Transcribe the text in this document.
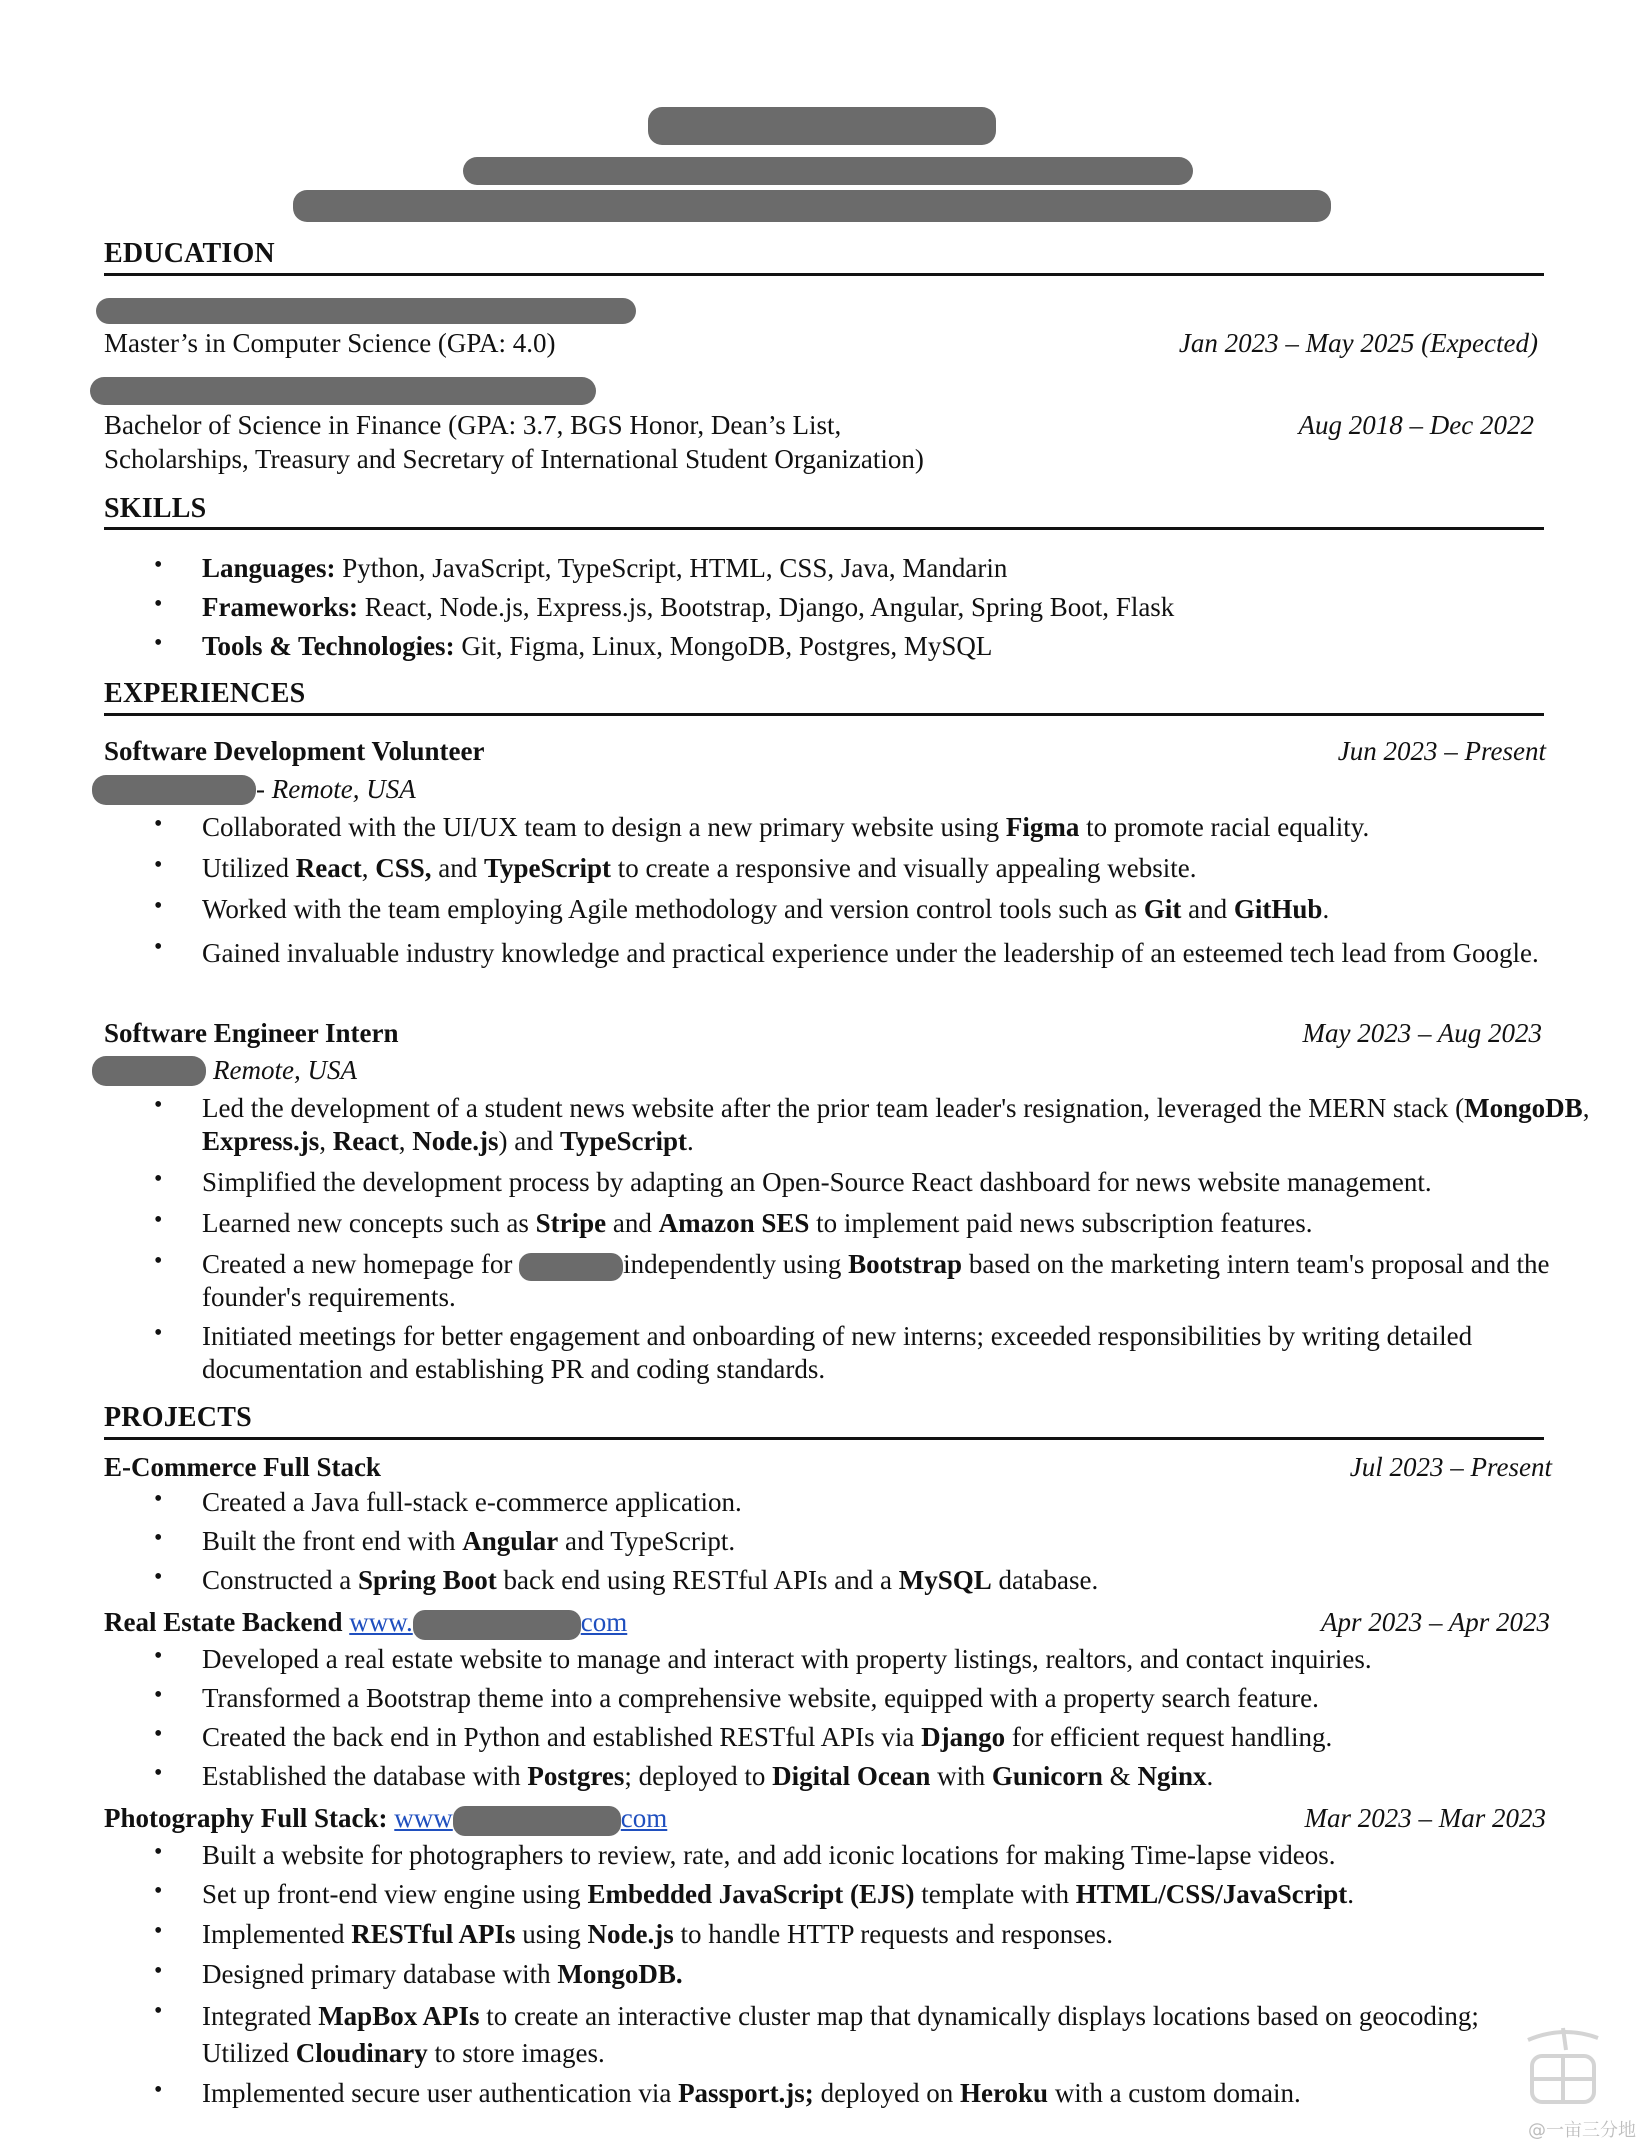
EDUCATION
Master’s in Computer Science (GPA: 4.0)	Jan 2023 – May 2025 (Expected)
Bachelor of Science in Finance (GPA: 3.7, BGS Honor, Dean’s List,	Aug 2018 – Dec 2022
Scholarships, Treasury and Secretary of International Student Organization)
SKILLS
• Languages: Python, JavaScript, TypeScript, HTML, CSS, Java, Mandarin
• Frameworks: React, Node.js, Express.js, Bootstrap, Django, Angular, Spring Boot, Flask
• Tools & Technologies: Git, Figma, Linux, MongoDB, Postgres, MySQL
EXPERIENCES
Software Development Volunteer	Jun 2023 – Present
- Remote, USA
• Collaborated with the UI/UX team to design a new primary website using Figma to promote racial equality.
• Utilized React, CSS, and TypeScript to create a responsive and visually appealing website.
• Worked with the team employing Agile methodology and version control tools such as Git and GitHub.
• Gained invaluable industry knowledge and practical experience under the leadership of an esteemed tech lead from Google.
Software Engineer Intern	May 2023 – Aug 2023
Remote, USA
• Led the development of a student news website after the prior team leader's resignation, leveraged the MERN stack (MongoDB, Express.js, React, Node.js) and TypeScript.
• Simplified the development process by adapting an Open-Source React dashboard for news website management.
• Learned new concepts such as Stripe and Amazon SES to implement paid news subscription features.
• Created a new homepage for	independently using Bootstrap based on the marketing intern team's proposal and the founder's requirements.
• Initiated meetings for better engagement and onboarding of new interns; exceeded responsibilities by writing detailed documentation and establishing PR and coding standards.
PROJECTS
E-Commerce Full Stack	Jul 2023 – Present
• Created a Java full-stack e-commerce application.
• Built the front end with Angular and TypeScript.
• Constructed a Spring Boot back end using RESTful APIs and a MySQL database.
Real Estate Backend www.	com	Apr 2023 – Apr 2023
• Developed a real estate website to manage and interact with property listings, realtors, and contact inquiries.
• Transformed a Bootstrap theme into a comprehensive website, equipped with a property search feature.
• Created the back end in Python and established RESTful APIs via Django for efficient request handling.
• Established the database with Postgres; deployed to Digital Ocean with Gunicorn & Nginx.
Photography Full Stack: www	com	Mar 2023 – Mar 2023
• Built a website for photographers to review, rate, and add iconic locations for making Time-lapse videos.
• Set up front-end view engine using Embedded JavaScript (EJS) template with HTML/CSS/JavaScript.
• Implemented RESTful APIs using Node.js to handle HTTP requests and responses.
• Designed primary database with MongoDB.
• Integrated MapBox APIs to create an interactive cluster map that dynamically displays locations based on geocoding; Utilized Cloudinary to store images.
• Implemented secure user authentication via Passport.js; deployed on Heroku with a custom domain.
@一亩三分地
